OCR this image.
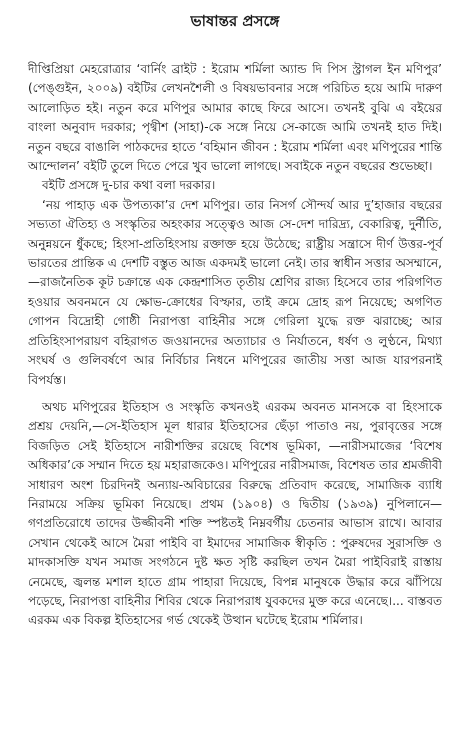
ভাষান্তর প্রসঙ্গে

দীপ্তিপ্রিয়া মেহরোত্রার ‘বার্নিং ব্রাইট : ইরোম শর্মিলা অ্যান্ড দি পিস স্ট্রাগল ইন মণিপুর’ (পেঙ্গুইন, ২০০৯) বইটির লেখনশৈলী ও বিষয়ভাবনার সঙ্গে পরিচিত হয়ে আমি দারুণ আলোড়িত হই। নতুন করে মণিপুর আমার কাছে ফিরে আসে। তখনই বুঝি এ বইয়ের বাংলা অনুবাদ দরকার; পৃথ্বীশ (সাহা)-কে সঙ্গে নিয়ে সে-কাজে আমি তখনই হাত দিই। নতুন বছরে বাঙালি পাঠকদের হাতে ‘বহিমান জীবন : ইরোম শর্মিলা এবং মণিপুরের শান্তি আন্দোলন’ বইটি তুলে দিতে পেরে খুব ভালো লাগছে। সবাইকে নতুন বছরের শুভেচ্ছা।

বইটি প্রসঙ্গে দু-চার কথা বলা দরকার।

‘নয় পাহাড় এক উপত্যকা’র দেশ মণিপুর। তার নিসর্গ সৌন্দর্য আর দু’হাজার বছরের সভ্যতা ঐতিহ্য ও সংস্কৃতির অহংকার সত্ত্বেও আজ সে-দেশ দারিদ্র্য, বেকারিত্ব, দুর্নীতি, অনুন্নয়নে ধুঁকছে; হিংসা-প্রতিহিংসায় রক্তাক্ত হয়ে উঠেছে; রাষ্ট্রীয় সন্ত্রাসে দীর্ণ উত্তর-পূর্ব ভারতের প্রান্তিক এ দেশটি বস্তুত আজ একদমই ভালো নেই। তার স্বাধীন সত্তার অসম্মানে,—রাজনৈতিক কূট চক্রান্তে এক কেন্দ্রশাসিত তৃতীয় শ্রেণির রাজ্য হিসেবে তার পরিগণিত হওয়ার অবনমনে যে ক্ষোভ-ক্রোধের বিস্ফার, তাই ক্রমে দ্রোহ রূপ নিয়েছে; অগণিত গোপন বিদ্রোহী গোষ্ঠী নিরাপত্তা বাহিনীর সঙ্গে গেরিলা যুদ্ধে রক্ত ঝরাচ্ছে; আর প্রতিহিংসাপরায়ণ বহিরাগত জওয়ানদের অত্যাচার ও নির্যাতনে, ধর্ষণ ও লুণ্ঠনে, মিথ্যা সংঘর্ষ ও গুলিবর্ষণে আর নির্বিচার নিধনে মণিপুরের জাতীয় সত্তা আজ যারপরনাই বিপর্যস্ত।

অথচ মণিপুরের ইতিহাস ও সংস্কৃতি কখনওই এরকম অবনত মানসকে বা হিংসাকে প্রশ্রয় দেয়নি,—সে-ইতিহাস মূল ধারার ইতিহাসের ছেঁড়া পাতাও নয়, পুরাবৃত্তের সঙ্গে বিজড়িত সেই ইতিহাসে নারীশক্তির রয়েছে বিশেষ ভূমিকা, —নারীসমাজের ‘বিশেষ অধিকার’কে সম্মান দিতে হয় মহারাজকেও। মণিপুরের নারীসমাজ, বিশেষত তার শ্রমজীবী সাধারণ অংশ চিরদিনই অন্যায়-অবিচারের বিরুদ্ধে প্রতিবাদ করেছে, সামাজিক ব্যাধি নিরাময়ে সক্রিয় ভূমিকা নিয়েছে। প্রথম (১৯০৪) ও দ্বিতীয় (১৯৩৯) নুপিলানে—গণপ্রতিরোধে তাদের উজ্জীবনী শক্তি স্পষ্টতই নিম্নবর্গীয় চেতনার আভাস রাখে। আবার সেখান থেকেই আসে মৈরা পাইবি বা ইমাদের সামাজিক স্বীকৃতি : পুরুষদের সুরাসক্তি ও মাদকাসক্তি যখন সমাজ সংগঠনে দুষ্ট ক্ষত সৃষ্টি করছিল তখন মৈরা পাইবিরাই রাস্তায় নেমেছে, জ্বলন্ত মশাল হাতে গ্রাম পাহারা দিয়েছে, বিপন্ন মানুষকে উদ্ধার করে ঝাঁপিয়ে পড়েছে, নিরাপত্তা বাহিনীর শিবির থেকে নিরাপরাধ যুবকদের মুক্ত করে এনেছে।... বাস্তবত এরকম এক বিকল্প ইতিহাসের গর্ভ থেকেই উত্থান ঘটেছে ইরোম শর্মিলার।
